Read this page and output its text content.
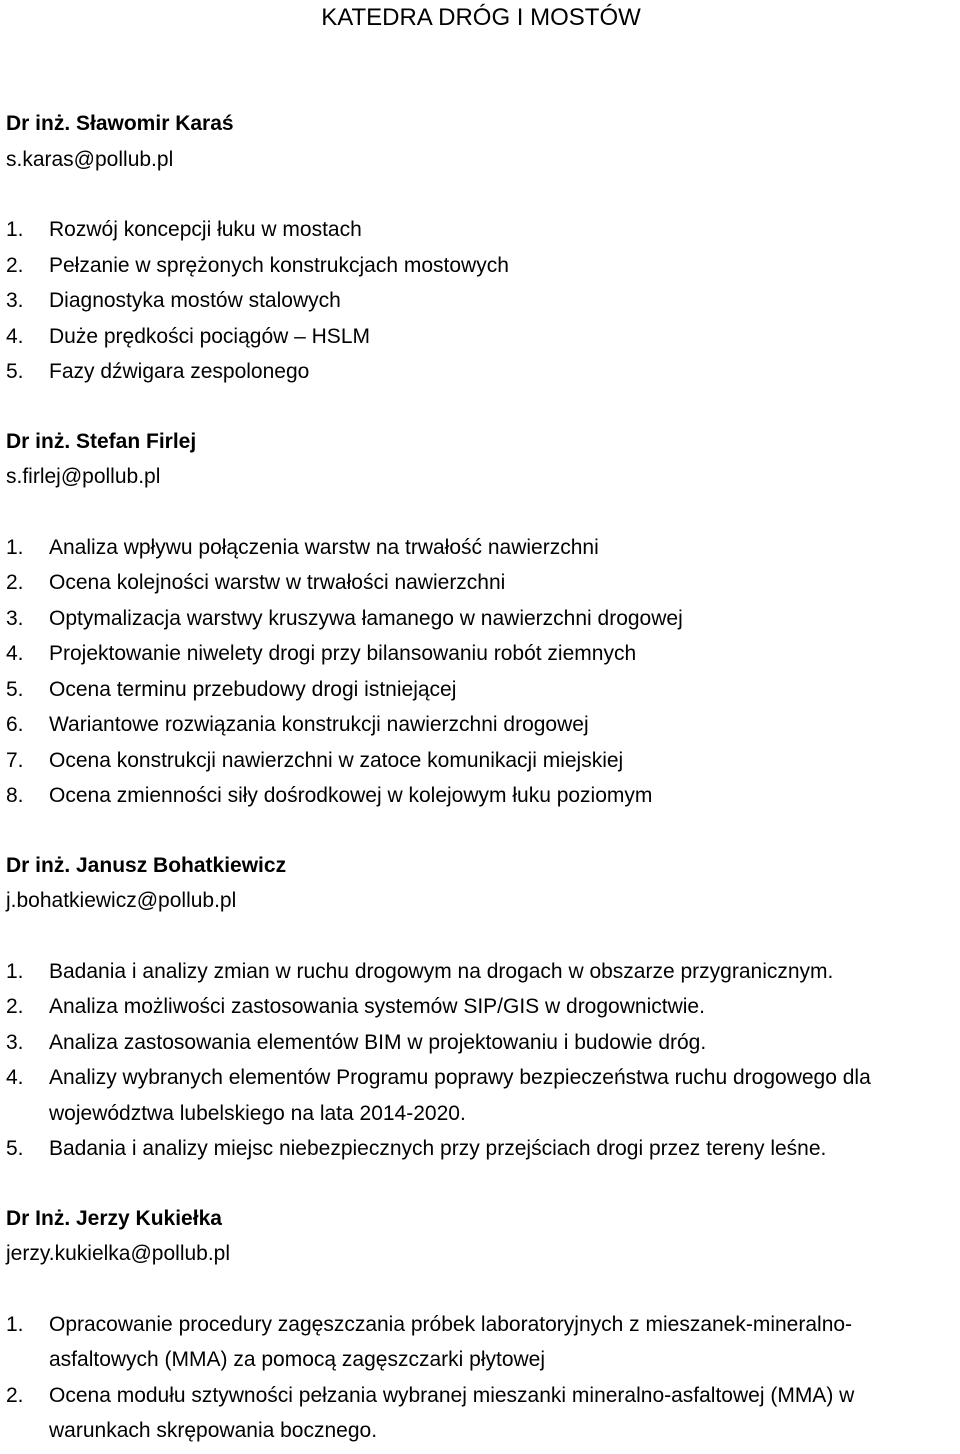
KATEDRA DRÓG I MOSTÓW

Dr inż. Sławomir Karaś

s.karas@pollub.pl

1.	Rozwój koncepcji łuku w mostach
2.	Pełzanie w sprężonych konstrukcjach mostowych
3.	Diagnostyka mostów stalowych
4.	Duże prędkości pociągów – HSLM
5.	Fazy dźwigara zespolonego

Dr inż. Stefan Firlej

s.firlej@pollub.pl

1.	Analiza wpływu połączenia warstw na trwałość nawierzchni
2.	Ocena kolejności warstw w trwałości nawierzchni
3.	Optymalizacja warstwy kruszywa łamanego w nawierzchni drogowej
4.	Projektowanie niwelety drogi przy bilansowaniu robót ziemnych
5.	Ocena terminu przebudowy drogi istniejącej
6.	Wariantowe rozwiązania konstrukcji nawierzchni drogowej
7.	Ocena konstrukcji nawierzchni w zatoce komunikacji miejskiej
8.	Ocena zmienności siły dośrodkowej w kolejowym łuku poziomym

Dr inż. Janusz Bohatkiewicz

j.bohatkiewicz@pollub.pl

1.	Badania i analizy zmian w ruchu drogowym na drogach w obszarze przygranicznym.
2.	Analiza możliwości zastosowania systemów SIP/GIS w drogownictwie.
3.	Analiza zastosowania elementów BIM w projektowaniu i budowie dróg.
4.	Analizy wybranych elementów Programu poprawy bezpieczeństwa ruchu drogowego dla województwa lubelskiego na lata 2014-2020.
5.	Badania i analizy miejsc niebezpiecznych przy przejściach drogi przez tereny leśne.

Dr Inż. Jerzy Kukiełka

jerzy.kukielka@pollub.pl

1.	Opracowanie procedury zagęszczania próbek laboratoryjnych z mieszanek-mineralno-asfaltowych (MMA) za pomocą zagęszczarki płytowej
2.	Ocena modułu sztywności pełzania wybranej mieszanki mineralno-asfaltowej (MMA) w warunkach skrępowania bocznego.
